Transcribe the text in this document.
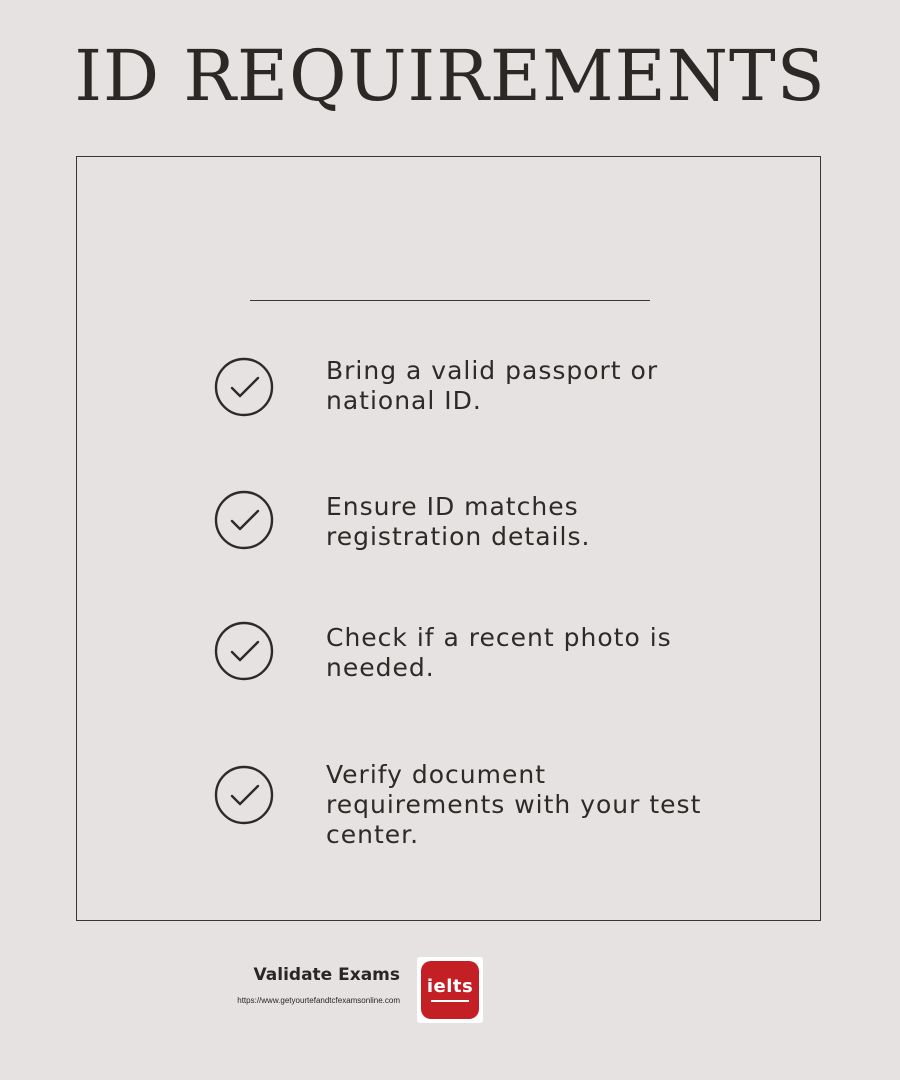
ID REQUIREMENTS
Bring a valid passport or
national ID.
Ensure ID matches
registration details.
Check if a recent photo is
needed.
Verify document
requirements with your test
center.
Validate Exams
https://www.getyourtefandtcfexamsonline.com
ielts
